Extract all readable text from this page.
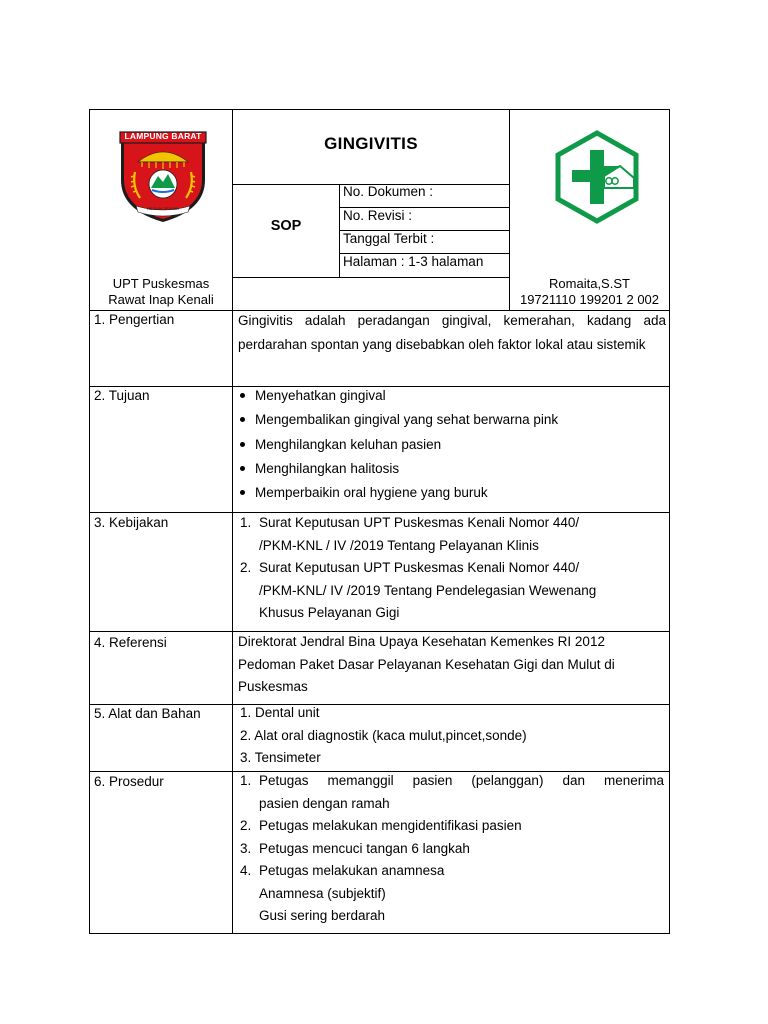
LAMPUNG BARAT
BEGUAI JEJAMA
UPT Puskesmas
Rawat Inap Kenali
GINGIVITIS
SOP
No. Dokumen :
No. Revisi :
Tanggal Terbit :
Halaman : 1-3 halaman
Romaita,S.ST
19721110 199201 2 002
1. Pengertian	Gingivitis adalah peradangan gingival, kemerahan, kadang ada perdarahan spontan yang disebabkan oleh faktor lokal atau sistemik
2. Tujuan	Menyehatkan gingival
Mengembalikan gingival yang sehat berwarna pink
Menghilangkan keluhan pasien
Menghilangkan halitosis
Memperbaikin oral hygiene yang buruk
3. Kebijakan	1. Surat Keputusan UPT Puskesmas Kenali Nomor 440/
/PKM-KNL / IV /2019 Tentang Pelayanan Klinis
2. Surat Keputusan UPT Puskesmas Kenali Nomor 440/
/PKM-KNL/ IV /2019 Tentang Pendelegasian Wewenang
Khusus Pelayanan Gigi
4. Referensi	Direktorat Jendral Bina Upaya Kesehatan Kemenkes RI 2012
Pedoman Paket Dasar Pelayanan Kesehatan Gigi dan Mulut di
Puskesmas
5. Alat dan Bahan	1. Dental unit
2. Alat oral diagnostik (kaca mulut,pincet,sonde)
3. Tensimeter
6. Prosedur	1. Petugas memanggil pasien (pelanggan) dan menerima
pasien dengan ramah
2. Petugas melakukan mengidentifikasi pasien
3. Petugas mencuci tangan 6 langkah
4. Petugas melakukan anamnesa
Anamnesa (subjektif)
Gusi sering berdarah
